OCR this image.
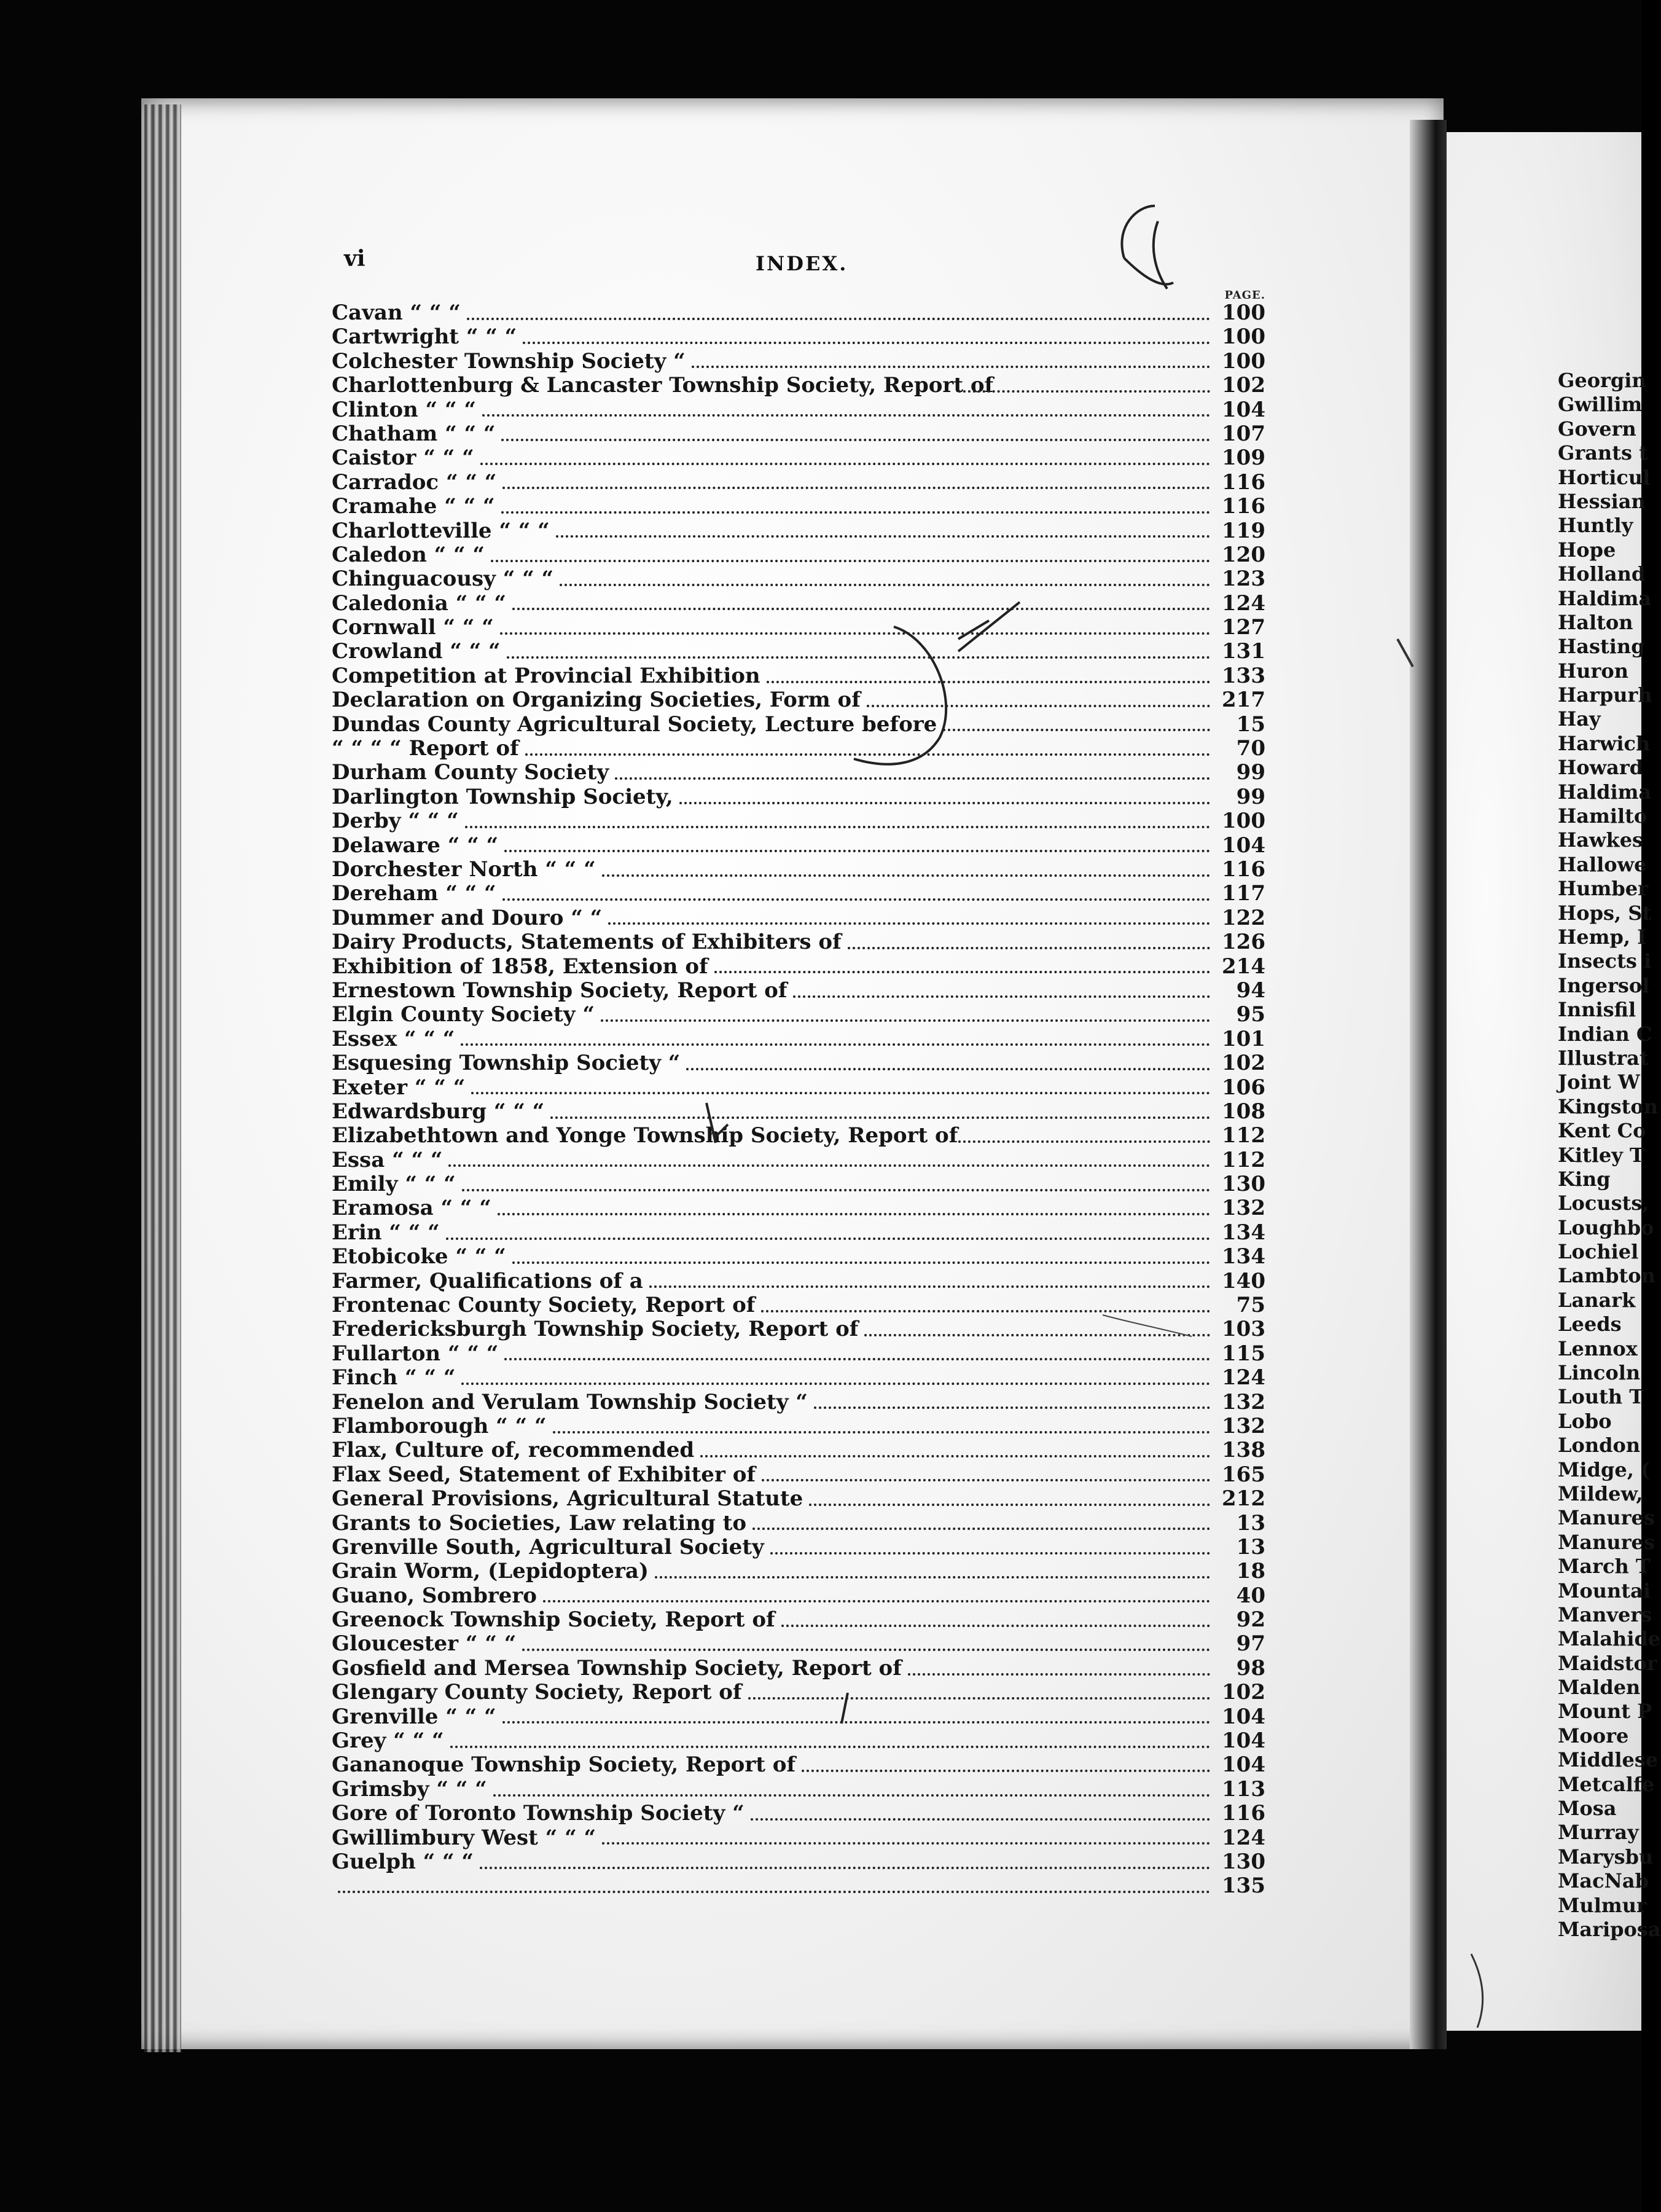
vi	INDEX.
PAGE.
Cavan “ “ “	100
Cartwright “ “ “	100
Colchester Township Society “	100
Charlottenburg & Lancaster Township Society, Report of	102
Clinton “ “ “	104
Chatham “ “ “	107
Caistor “ “ “	109
Carradoc “ “ “	116
Cramahe “ “ “	116
Charlotteville “ “ “	119
Caledon “ “ “	120
Chinguacousy “ “ “	123
Caledonia “ “ “	124
Cornwall “ “ “	127
Crowland “ “ “	131
Competition at Provincial Exhibition	133
Declaration on Organizing Societies, Form of	217
Dundas County Agricultural Society, Lecture before	15
“ “ “ “ Report of	70
Durham County Society	99
Darlington Township Society,	99
Derby “ “ “	100
Delaware “ “ “	104
Dorchester North “ “ “	116
Dereham “ “ “	117
Dummer and Douro “ “	122
Dairy Products, Statements of Exhibiters of	126
Exhibition of 1858, Extension of	214
Ernestown Township Society, Report of	94
Elgin County Society “	95
Essex “ “ “	101
Esquesing Township Society “	102
Exeter “ “ “	106
Edwardsburg “ “ “	108
Elizabethtown and Yonge Township Society, Report of	112
Essa “ “ “	112
Emily “ “ “	130
Eramosa “ “ “	132
Erin “ “ “	134
Etobicoke “ “ “	134
Farmer, Qualifications of a	140
Frontenac County Society, Report of	75
Fredericksburgh Township Society, Report of	103
Fullarton “ “ “	115
Finch “ “ “	124
Fenelon and Verulam Township Society “	132
Flamborough “ “ “	132
Flax, Culture of, recommended	138
Flax Seed, Statement of Exhibiter of	165
General Provisions, Agricultural Statute	212
Grants to Societies, Law relating to	13
Grenville South, Agricultural Society	13
Grain Worm, (Lepidoptera)	18
Guano, Sombrero	40
Greenock Township Society, Report of	92
Gloucester “ “ “	97
Gosfield and Mersea Township Society, Report of	98
Glengary County Society, Report of	102
Grenville “ “ “	104
Grey “ “ “	104
Gananoque Township Society, Report of	104
Grimsby “ “ “	113
Gore of Toronto Township Society “	116
Gwillimbury West “ “ “	124
Guelph “ “ “	130
135
Georgin
Gwillim
Govern
Grants t
Horticul
Hessian
Huntly
Hope
Holland
Haldima
Halton
Hasting
Huron
Harpurh
Hay
Harwich
Howard
Haldima
Hamilto
Hawkes
Hallowe
Humber
Hops, St
Hemp, I
Insects i
Ingersol
Innisfil
Indian C
Illustrat
Joint W
Kingston
Kent Co
Kitley T
King
Locusts,
Loughbo
Lochiel
Lambton
Lanark
Leeds
Lennox
Lincoln
Louth T
Lobo
London
Midge, (
Mildew,
Manures
Manures
March T
Mountai
Manvers
Malahide
Maidstor
Malden
Mount P
Moore
Middlese
Metcalfe
Mosa
Murray
Marysbu
MacNab
Mulmur
Mariposa
